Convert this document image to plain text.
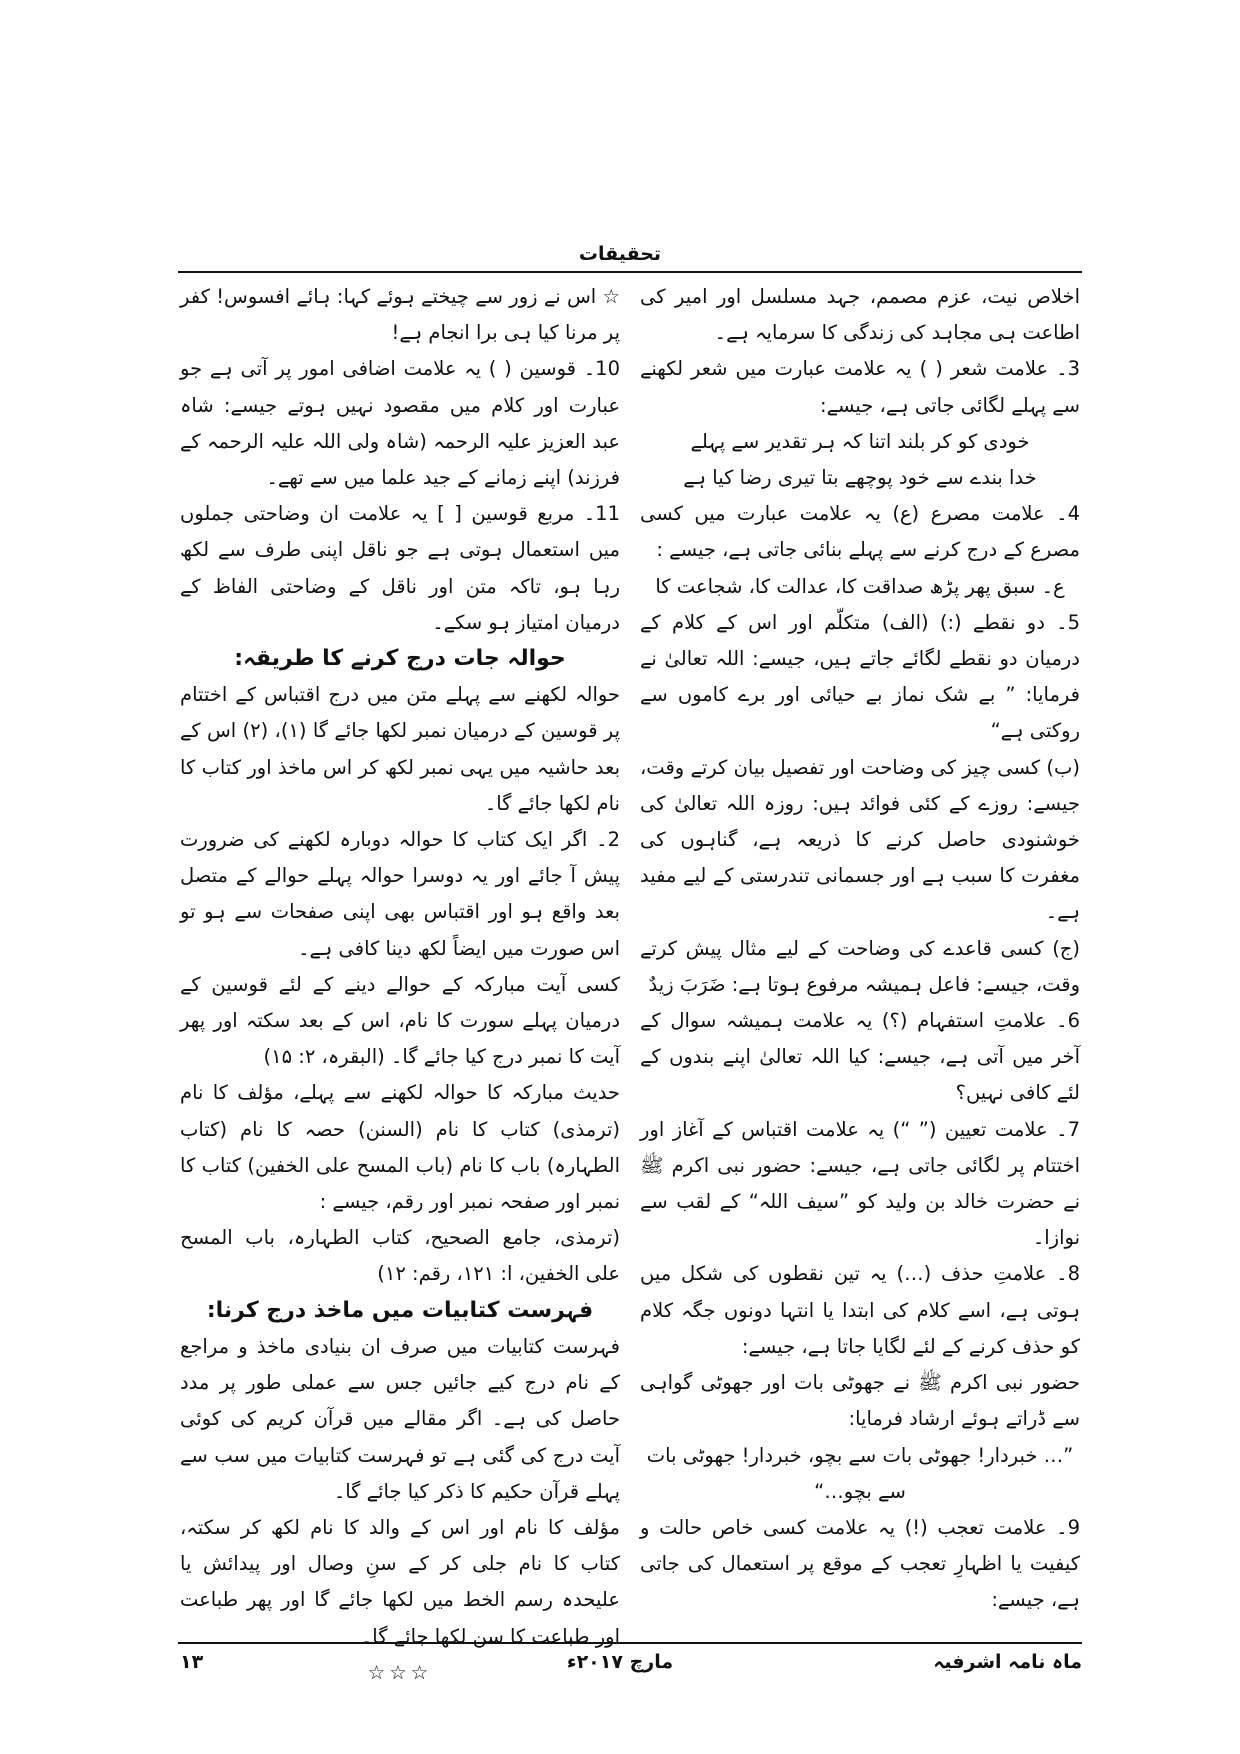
تحقیقات
اخلاص نیت، عزم مصمم، جہد مسلسل اور امیر کی اطاعت ہی مجاہد کی زندگی کا سرمایہ ہے۔
3۔ علامت شعر ( ) یہ علامت عبارت میں شعر لکھنے سے پہلے لگائی جاتی ہے، جیسے:
خودی کو کر بلند اتنا کہ ہر تقدیر سے پہلے
خدا بندے سے خود پوچھے بتا تیری رضا کیا ہے
4۔ علامت مصرع (ع) یہ علامت عبارت میں کسی مصرع کے درج کرنے سے پہلے بنائی جاتی ہے، جیسے :
ع۔ سبق پھر پڑھ صداقت کا، عدالت کا، شجاعت کا
5۔ دو نقطے (:) (الف) متکلّم اور اس کے کلام کے درمیان دو نقطے لگائے جاتے ہیں، جیسے: اللہ تعالیٰ نے فرمایا: ” بے شک نماز بے حیائی اور برے کاموں سے روکتی ہے“
(ب) کسی چیز کی وضاحت اور تفصیل بیان کرتے وقت، جیسے: روزے کے کئی فوائد ہیں: روزہ اللہ تعالیٰ کی خوشنودی حاصل کرنے کا ذریعہ ہے، گناہوں کی مغفرت کا سبب ہے اور جسمانی تندرستی کے لیے مفید ہے۔
(ج) کسی قاعدے کی وضاحت کے لیے مثال پیش کرتے وقت، جیسے: فاعل ہمیشہ مرفوع ہوتا ہے: ضَرَبَ زیدٌ
6۔ علامتِ استفہام (؟) یہ علامت ہمیشہ سوال کے آخر میں آتی ہے، جیسے: کیا اللہ تعالیٰ اپنے بندوں کے لئے کافی نہیں؟
7۔ علامت تعیین (” “) یہ علامت اقتباس کے آغاز اور اختتام پر لگائی جاتی ہے، جیسے: حضور نبی اکرم ﷺ نے حضرت خالد بن ولید کو ”سیف اللہ“ کے لقب سے نوازا۔
8۔ علامتِ حذف (…) یہ تین نقطوں کی شکل میں ہوتی ہے، اسے کلام کی ابتدا یا انتہا دونوں جگہ کلام کو حذف کرنے کے لئے لگایا جاتا ہے، جیسے:
حضور نبی اکرم ﷺ نے جھوٹی بات اور جھوٹی گواہی سے ڈراتے ہوئے ارشاد فرمایا:
”… خبردار! جھوٹی بات سے بچو، خبردار! جھوٹی بات سے بچو…“
9۔ علامت تعجب (!) یہ علامت کسی خاص حالت و کیفیت یا اظہارِ تعجب کے موقع پر استعمال کی جاتی ہے، جیسے:
☆ اس نے زور سے چیختے ہوئے کہا: ہائے افسوس! کفر پر مرنا کیا ہی برا انجام ہے!
10۔ قوسین ( ) یہ علامت اضافی امور پر آتی ہے جو عبارت اور کلام میں مقصود نہیں ہوتے جیسے: شاہ عبد العزیز علیہ الرحمہ (شاہ ولی اللہ علیہ الرحمہ کے فرزند) اپنے زمانے کے جید علما میں سے تھے۔
11۔ مربع قوسین [ ] یہ علامت ان وضاحتی جملوں میں استعمال ہوتی ہے جو ناقل اپنی طرف سے لکھ رہا ہو، تاکہ متن اور ناقل کے وضاحتی الفاظ کے درمیان امتیاز ہو سکے۔
حوالہ جات درج کرنے کا طریقہ:
حوالہ لکھنے سے پہلے متن میں درج اقتباس کے اختتام پر قوسین کے درمیان نمبر لکھا جائے گا (۱)، (۲) اس کے بعد حاشیہ میں یہی نمبر لکھ کر اس ماخذ اور کتاب کا نام لکھا جائے گا۔
2۔ اگر ایک کتاب کا حوالہ دوبارہ لکھنے کی ضرورت پیش آ جائے اور یہ دوسرا حوالہ پہلے حوالے کے متصل بعد واقع ہو اور اقتباس بھی اپنی صفحات سے ہو تو اس صورت میں ایضاً لکھ دینا کافی ہے۔
کسی آیت مبارکہ کے حوالے دینے کے لئے قوسین کے درمیان پہلے سورت کا نام، اس کے بعد سکتہ اور پھر آیت کا نمبر درج کیا جائے گا۔ (البقرہ، ۲: ۱۵)
حدیث مبارکہ کا حوالہ لکھنے سے پہلے، مؤلف کا نام (ترمذی) کتاب کا نام (السنن) حصہ کا نام (کتاب الطہارہ) باب کا نام (باب المسح علی الخفین) کتاب کا نمبر اور صفحہ نمبر اور رقم، جیسے :
(ترمذی، جامع الصحیح، کتاب الطہارہ، باب المسح علی الخفین، ا: ۱۲۱، رقم: ۱۲)
فہرست کتابیات میں ماخذ درج کرنا:
فہرست کتابیات میں صرف ان بنیادی ماخذ و مراجع کے نام درج کیے جائیں جس سے عملی طور پر مدد حاصل کی ہے۔ اگر مقالے میں قرآن کریم کی کوئی آیت درج کی گئی ہے تو فہرست کتابیات میں سب سے پہلے قرآن حکیم کا ذکر کیا جائے گا۔
مؤلف کا نام اور اس کے والد کا نام لکھ کر سکتہ، کتاب کا نام جلی کر کے سنِ وصال اور پیدائش یا علیحدہ رسم الخط میں لکھا جائے گا اور پھر طباعت اور طباعت کا سن لکھا جائے گا۔
☆☆☆	ماہ نامہ اشرفیہ
مارچ ۲۰۱۷ء
۱۳
